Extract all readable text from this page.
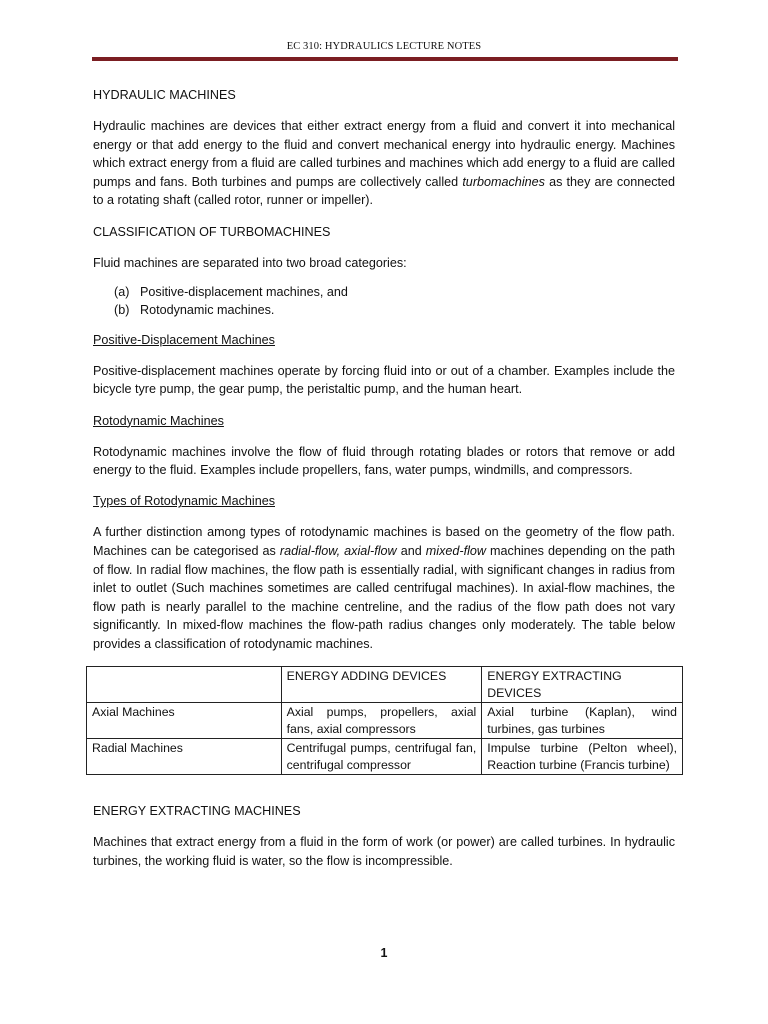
EC 310: HYDRAULICS LECTURE NOTES

HYDRAULIC MACHINES

Hydraulic machines are devices that either extract energy from a fluid and convert it into mechanical energy or that add energy to the fluid and convert mechanical energy into hydraulic energy. Machines which extract energy from a fluid are called turbines and machines which add energy to a fluid are called pumps and fans. Both turbines and pumps are collectively called turbomachines as they are connected to a rotating shaft (called rotor, runner or impeller).

CLASSIFICATION OF TURBOMACHINES

Fluid machines are separated into two broad categories:

(a) Positive-displacement machines, and
(b) Rotodynamic machines.

Positive-Displacement Machines

Positive-displacement machines operate by forcing fluid into or out of a chamber. Examples include the bicycle tyre pump, the gear pump, the peristaltic pump, and the human heart.

Rotodynamic Machines

Rotodynamic machines involve the flow of fluid through rotating blades or rotors that remove or add energy to the fluid. Examples include propellers, fans, water pumps, windmills, and compressors.

Types of Rotodynamic Machines

A further distinction among types of rotodynamic machines is based on the geometry of the flow path. Machines can be categorised as radial-flow, axial-flow and mixed-flow machines depending on the path of flow. In radial flow machines, the flow path is essentially radial, with significant changes in radius from inlet to outlet (Such machines sometimes are called centrifugal machines). In axial-flow machines, the flow path is nearly parallel to the machine centreline, and the radius of the flow path does not vary significantly. In mixed-flow machines the flow-path radius changes only moderately. The table below provides a classification of rotodynamic machines.

	ENERGY ADDING DEVICES	ENERGY EXTRACTING DEVICES
Axial Machines	Axial pumps, propellers, axial fans, axial compressors	Axial turbine (Kaplan), wind turbines, gas turbines
Radial Machines	Centrifugal pumps, centrifugal fan, centrifugal compressor	Impulse turbine (Pelton wheel), Reaction turbine (Francis turbine)

ENERGY EXTRACTING MACHINES

Machines that extract energy from a fluid in the form of work (or power) are called turbines. In hydraulic turbines, the working fluid is water, so the flow is incompressible.

1
